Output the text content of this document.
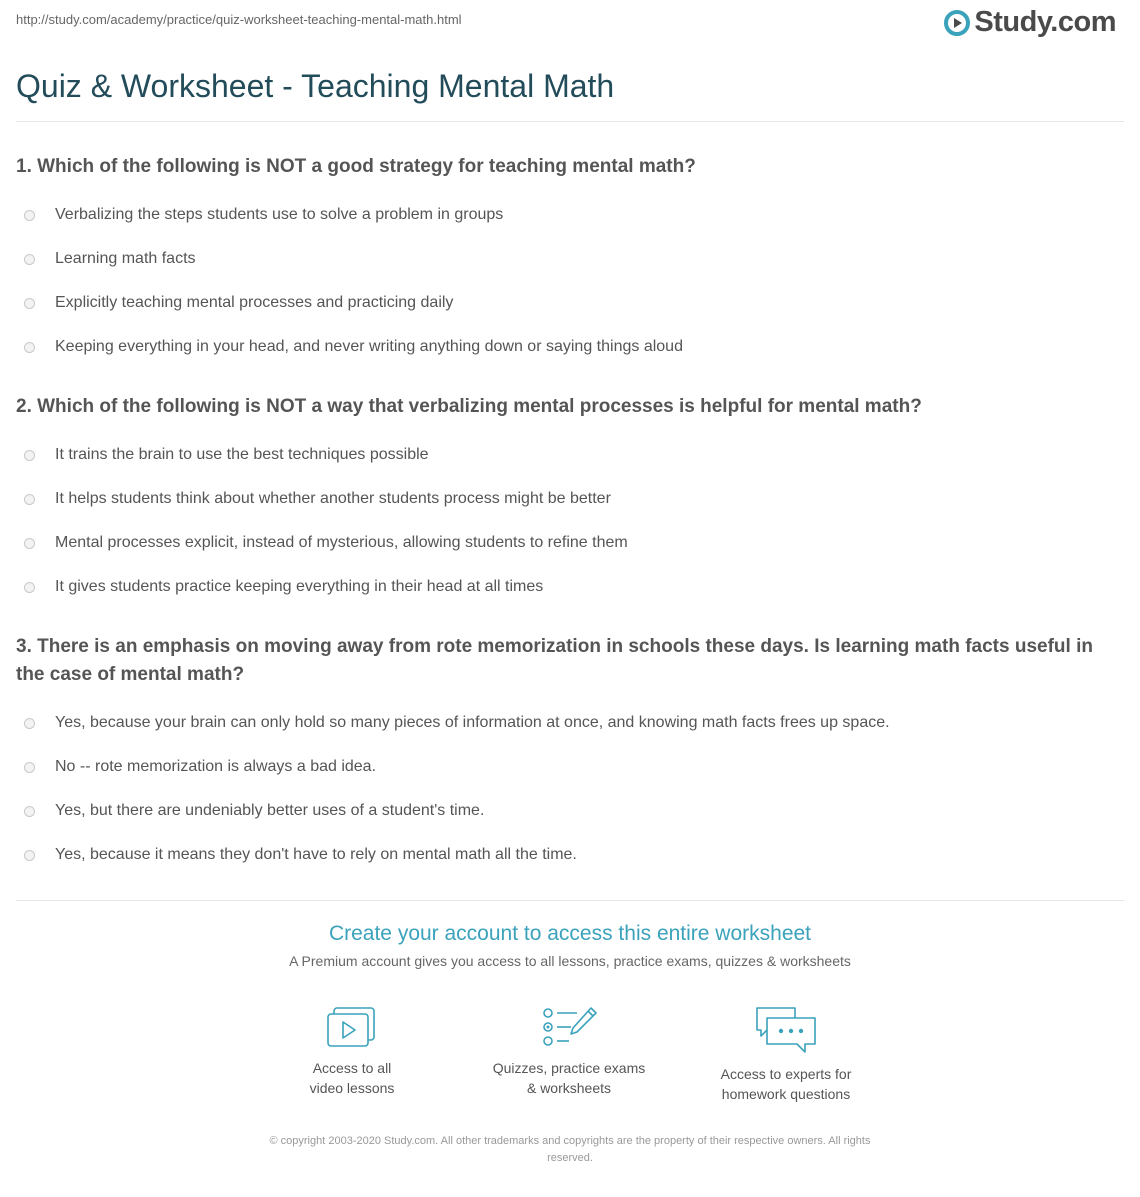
http://study.com/academy/practice/quiz-worksheet-teaching-mental-math.html	Study.com
Quiz & Worksheet - Teaching Mental Math

1. Which of the following is NOT a good strategy for teaching mental math?

Verbalizing the steps students use to solve a problem in groups
Learning math facts
Explicitly teaching mental processes and practicing daily
Keeping everything in your head, and never writing anything down or saying things aloud

2. Which of the following is NOT a way that verbalizing mental processes is helpful for mental math?

It trains the brain to use the best techniques possible
It helps students think about whether another students process might be better
Mental processes explicit, instead of mysterious, allowing students to refine them
It gives students practice keeping everything in their head at all times

3. There is an emphasis on moving away from rote memorization in schools these days. Is learning math facts useful in the case of mental math?

Yes, because your brain can only hold so many pieces of information at once, and knowing math facts frees up space.
No -- rote memorization is always a bad idea.
Yes, but there are undeniably better uses of a student's time.
Yes, because it means they don't have to rely on mental math all the time.
Create your account to access this entire worksheet
A Premium account gives you access to all lessons, practice exams, quizzes & worksheets
Access to all
video lessons
Quizzes, practice exams
& worksheets
Access to experts for
homework questions
© copyright 2003-2020 Study.com. All other trademarks and copyrights are the property of their respective owners. All rights
reserved.
